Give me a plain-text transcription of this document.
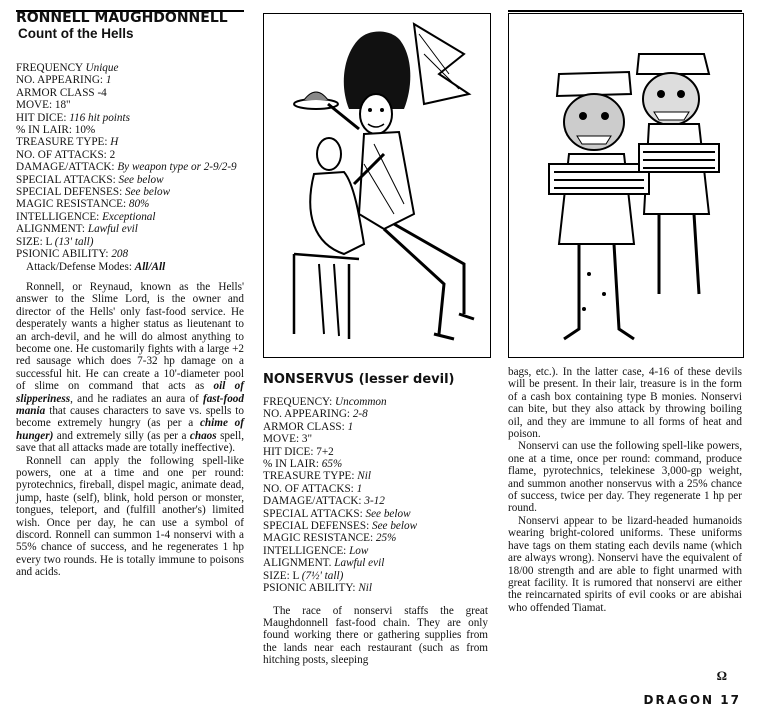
RONNELL MAUGHDONNELL
Count of the Hells
FREQUENCY Unique
NO. APPEARING: 1
ARMOR CLASS -4
MOVE: 18"
HIT DICE: 116 hit points
% IN LAIR: 10%
TREASURE TYPE: H
NO. OF ATTACKS: 2
DAMAGE/ATTACK: By weapon type or 2-9/2-9
SPECIAL ATTACKS: See below
SPECIAL DEFENSES: See below
MAGIC RESISTANCE: 80%
INTELLIGENCE: Exceptional
ALIGNMENT: Lawful evil
SIZE: L (13' tall)
PSIONIC ABILITY: 208
Attack/Defense Modes: All/All

Ronnell, or Reynaud, known as the Hells' answer to the Slime Lord, is the owner and director of the Hells' only fast-food service. He desperately wants a higher status as lieutenant to an arch-devil, and he will do almost anything to become one. He customarily fights with a large +2 red sausage which does 7-32 hp damage on a successful hit. He can create a 10'-diameter pool of slime on command that acts as oil of slipperiness, and he radiates an aura of fast-food mania that causes characters to save vs. spells to become extremely hungry (as per a chime of hunger) and extremely silly (as per a chaos spell, save that all attacks made are totally ineffective).

Ronnell can apply the following spell-like powers, one at a time and one per round: pyrotechnics, fireball, dispel magic, animate dead, jump, haste (self), blink, hold person or monster, tongues, teleport, and (fulfill another's) limited wish. Once per day, he can use a symbol of discord. Ronnell can summon 1-4 nonservi with a 55% chance of success, and he regenerates 1 hp every two rounds. He is totally immune to poisons and acids.

NONSERVUS (lesser devil)
FREQUENCY: Uncommon
NO. APPEARING: 2-8
ARMOR CLASS: 1
MOVE: 3"
HIT DICE: 7+2
% IN LAIR: 65%
TREASURE TYPE: Nil
NO. OF ATTACKS: 1
DAMAGE/ATTACK: 3-12
SPECIAL ATTACKS: See below
SPECIAL DEFENSES: See below
MAGIC RESISTANCE: 25%
INTELLIGENCE: Low
ALIGNMENT. Lawful evil
SIZE: L (7½' tall)
PSIONIC ABILITY: Nil

The race of nonservi staffs the great Maughdonnell fast-food chain. They are only found working there or gathering supplies from the lands near each restaurant (such as from hitching posts, sleeping

bags, etc.). In the latter case, 4-16 of these devils will be present. In their lair, treasure is in the form of a cash box containing type B monies. Nonservi can bite, but they also attack by throwing boiling oil, and they are immune to all forms of heat and poison.

Nonservi can use the following spell-like powers, one at a time, once per round: command, produce flame, pyrotechnics, telekinese 3,000-gp weight, and summon another nonservus with a 25% chance of success, twice per day. They regenerate 1 hp per round.

Nonservi appear to be lizard-headed humanoids wearing bright-colored uniforms. These uniforms have tags on them stating each devils name (which are always wrong). Nonservi have the equivalent of 18/00 strength and are able to fight unarmed with great facility. It is rumored that nonservi are either the reincarnated spirits of evil cooks or are abishai who offended Tiamat.

Ω
DRAGON 17
